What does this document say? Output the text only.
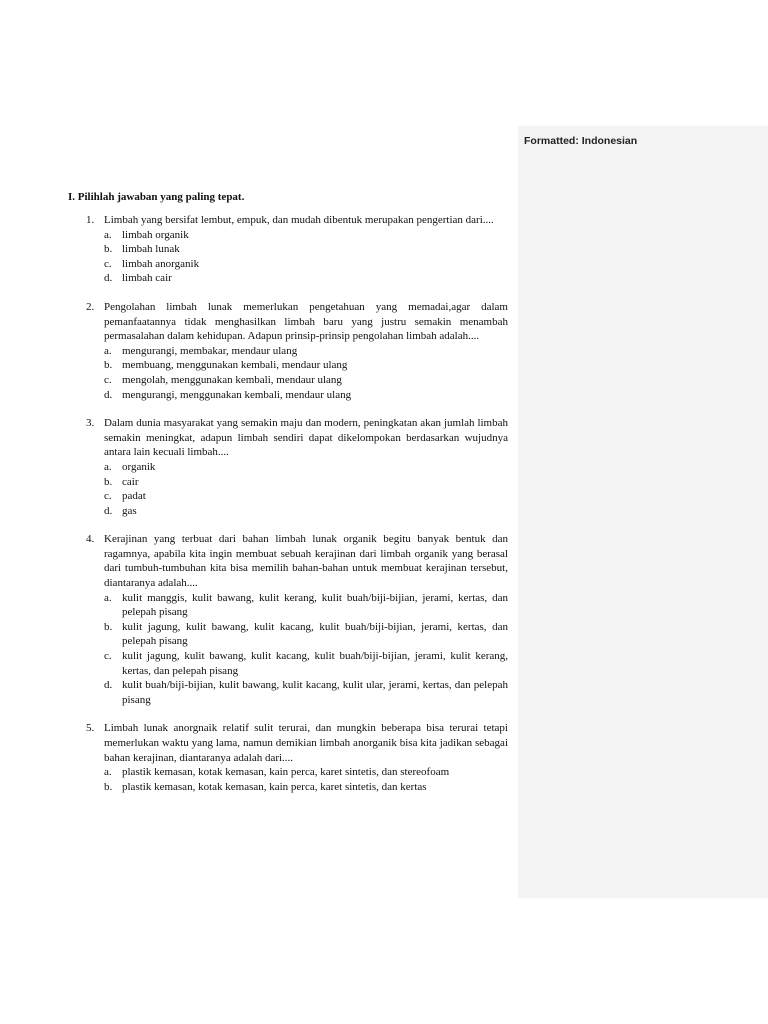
Formatted: Indonesian
I. Pilihlah jawaban yang paling tepat.
1. Limbah yang bersifat lembut, empuk, dan mudah dibentuk merupakan pengertian dari....
a. limbah organik
b. limbah lunak
c. limbah anorganik
d. limbah cair
2. Pengolahan limbah lunak memerlukan pengetahuan yang memadai,agar dalam pemanfaatannya tidak menghasilkan limbah baru yang justru semakin menambah permasalahan dalam kehidupan. Adapun prinsip-prinsip pengolahan limbah adalah....
a. mengurangi, membakar, mendaur ulang
b. membuang, menggunakan kembali, mendaur ulang
c. mengolah, menggunakan kembali, mendaur ulang
d. mengurangi, menggunakan kembali, mendaur ulang
3. Dalam dunia masyarakat yang semakin maju dan modern, peningkatan akan jumlah limbah semakin meningkat, adapun limbah sendiri dapat dikelompokan berdasarkan wujudnya antara lain kecuali limbah....
a. organik
b. cair
c. padat
d. gas
4. Kerajinan yang terbuat dari bahan limbah lunak organik begitu banyak bentuk dan ragamnya, apabila kita ingin membuat sebuah kerajinan dari limbah organik yang berasal dari tumbuh-tumbuhan kita bisa memilih bahan-bahan untuk membuat kerajinan tersebut, diantaranya adalah....
a. kulit manggis, kulit bawang, kulit kerang, kulit buah/biji-bijian, jerami, kertas, dan pelepah pisang
b. kulit jagung, kulit bawang, kulit kacang, kulit buah/biji-bijian, jerami, kertas, dan pelepah pisang
c. kulit jagung, kulit bawang, kulit kacang, kulit buah/biji-bijian, jerami, kulit kerang, kertas, dan pelepah pisang
d. kulit buah/biji-bijian, kulit bawang, kulit kacang, kulit ular, jerami, kertas, dan pelepah pisang
5. Limbah lunak anorgnaik relatif sulit terurai, dan mungkin beberapa bisa terurai tetapi memerlukan waktu yang lama, namun demikian limbah anorganik bisa kita jadikan sebagai bahan kerajinan, diantaranya adalah dari....
a. plastik kemasan, kotak kemasan, kain perca, karet sintetis, dan stereofoam
b. plastik kemasan, kotak kemasan, kain perca, karet sintetis, dan kertas
